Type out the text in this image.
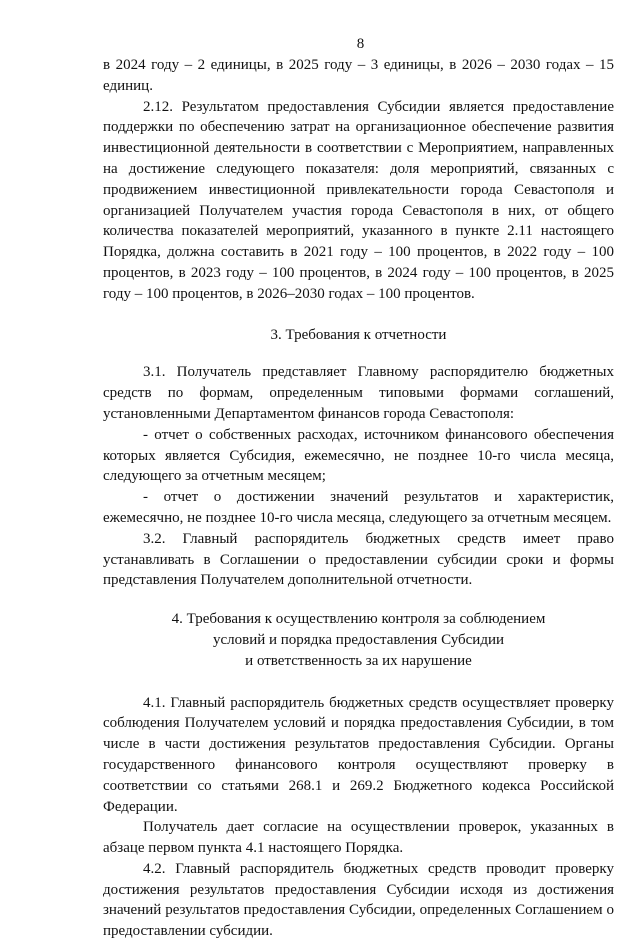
8

в 2024 году – 2 единицы, в 2025 году – 3 единицы, в 2026 – 2030 годах – 15 единиц.

2.12. Результатом предоставления Субсидии является предоставление поддержки по обеспечению затрат на организационное обеспечение развития инвестиционной деятельности в соответствии с Мероприятием, направленных на достижение следующего показателя: доля мероприятий, связанных с продвижением инвестиционной привлекательности города Севастополя и организацией Получателем участия города Севастополя в них, от общего количества показателей мероприятий, указанного в пункте 2.11 настоящего Порядка, должна составить в 2021 году – 100 процентов, в 2022 году – 100 процентов, в 2023 году – 100 процентов, в 2024 году – 100 процентов, в 2025 году – 100 процентов, в 2026–2030 годах – 100 процентов.

3. Требования к отчетности

3.1. Получатель представляет Главному распорядителю бюджетных средств по формам, определенным типовыми формами соглашений, установленными Департаментом финансов города Севастополя:

- отчет о собственных расходах, источником финансового обеспечения которых является Субсидия, ежемесячно, не позднее 10-го числа месяца, следующего за отчетным месяцем;

- отчет о достижении значений результатов и характеристик, ежемесячно, не позднее 10-го числа месяца, следующего за отчетным месяцем.

3.2. Главный распорядитель бюджетных средств имеет право устанавливать в Соглашении о предоставлении субсидии сроки и формы представления Получателем дополнительной отчетности.

4. Требования к осуществлению контроля за соблюдением
условий и порядка предоставления Субсидии
и ответственность за их нарушение

4.1. Главный распорядитель бюджетных средств осуществляет проверку соблюдения Получателем условий и порядка предоставления Субсидии, в том числе в части достижения результатов предоставления Субсидии. Органы государственного финансового контроля осуществляют проверку в соответствии со статьями 268.1 и 269.2 Бюджетного кодекса Российской Федерации.

Получатель дает согласие на осуществлении проверок, указанных в абзаце первом пункта 4.1 настоящего Порядка.

4.2. Главный распорядитель бюджетных средств проводит проверку достижения результатов предоставления Субсидии исходя из достижения значений результатов предоставления Субсидии, определенных Соглашением о предоставлении субсидии.
